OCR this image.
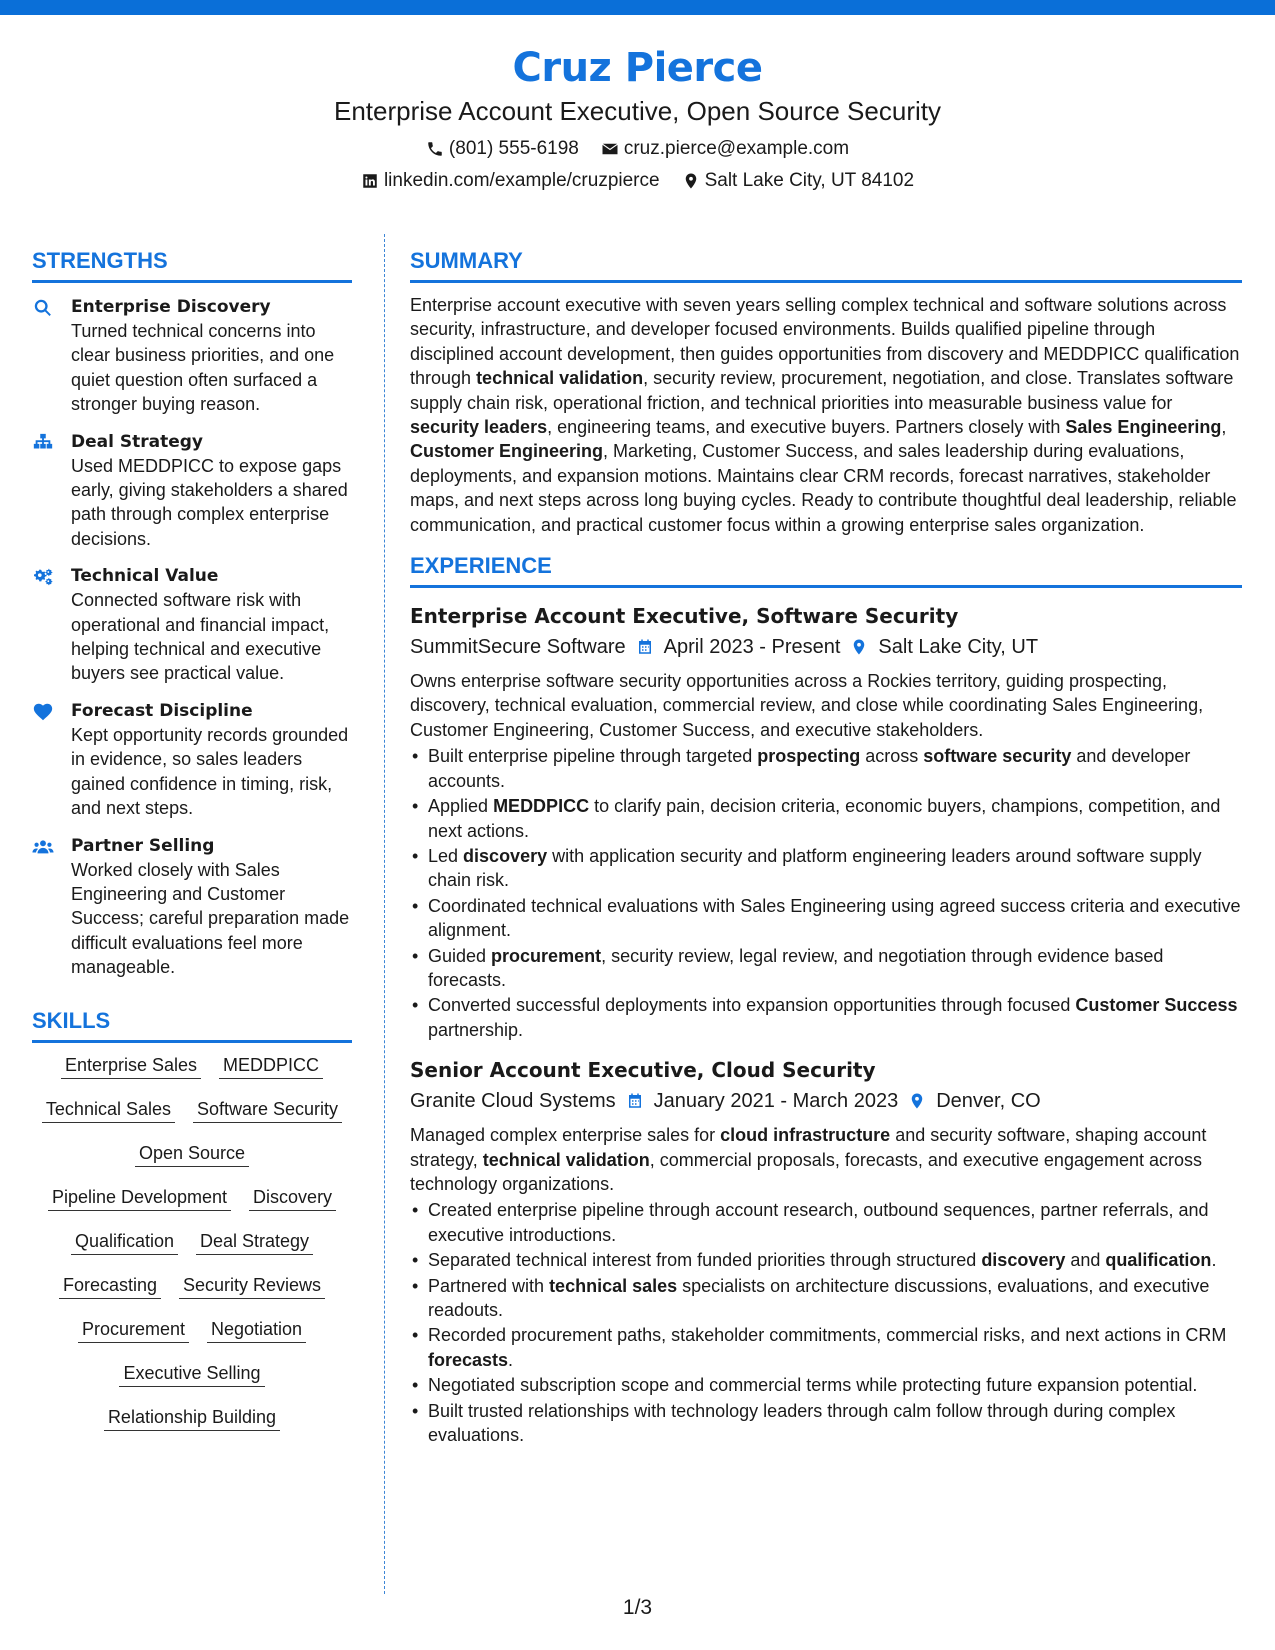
Cruz Pierce
Enterprise Account Executive, Open Source Security
(801) 555-6198 cruz.pierce@example.com
linkedin.com/example/cruzpierce Salt Lake City, UT 84102
STRENGTHS
Enterprise Discovery
Turned technical concerns into clear business priorities, and one quiet question often surfaced a stronger buying reason.
Deal Strategy
Used MEDDPICC to expose gaps early, giving stakeholders a shared path through complex enterprise decisions.
Technical Value
Connected software risk with operational and financial impact, helping technical and executive buyers see practical value.
Forecast Discipline
Kept opportunity records grounded in evidence, so sales leaders gained confidence in timing, risk, and next steps.
Partner Selling
Worked closely with Sales Engineering and Customer Success; careful preparation made difficult evaluations feel more manageable.
SKILLS
Enterprise Sales MEDDPICC
Technical Sales Software Security
Open Source
Pipeline Development Discovery
Qualification Deal Strategy
Forecasting Security Reviews
Procurement Negotiation
Executive Selling
Relationship Building
SUMMARY
Enterprise account executive with seven years selling complex technical and software solutions across security, infrastructure, and developer focused environments. Builds qualified pipeline through disciplined account development, then guides opportunities from discovery and MEDDPICC qualification through technical validation, security review, procurement, negotiation, and close. Translates software supply chain risk, operational friction, and technical priorities into measurable business value for security leaders, engineering teams, and executive buyers. Partners closely with Sales Engineering, Customer Engineering, Marketing, Customer Success, and sales leadership during evaluations, deployments, and expansion motions. Maintains clear CRM records, forecast narratives, stakeholder maps, and next steps across long buying cycles. Ready to contribute thoughtful deal leadership, reliable communication, and practical customer focus within a growing enterprise sales organization.
EXPERIENCE
Enterprise Account Executive, Software Security
SummitSecure Software April 2023 - Present Salt Lake City, UT
Owns enterprise software security opportunities across a Rockies territory, guiding prospecting, discovery, technical evaluation, commercial review, and close while coordinating Sales Engineering, Customer Engineering, Customer Success, and executive stakeholders.
• Built enterprise pipeline through targeted prospecting across software security and developer accounts.
• Applied MEDDPICC to clarify pain, decision criteria, economic buyers, champions, competition, and next actions.
• Led discovery with application security and platform engineering leaders around software supply chain risk.
• Coordinated technical evaluations with Sales Engineering using agreed success criteria and executive alignment.
• Guided procurement, security review, legal review, and negotiation through evidence based forecasts.
• Converted successful deployments into expansion opportunities through focused Customer Success partnership.
Senior Account Executive, Cloud Security
Granite Cloud Systems January 2021 - March 2023 Denver, CO
Managed complex enterprise sales for cloud infrastructure and security software, shaping account strategy, technical validation, commercial proposals, forecasts, and executive engagement across technology organizations.
• Created enterprise pipeline through account research, outbound sequences, partner referrals, and executive introductions.
• Separated technical interest from funded priorities through structured discovery and qualification.
• Partnered with technical sales specialists on architecture discussions, evaluations, and executive readouts.
• Recorded procurement paths, stakeholder commitments, commercial risks, and next actions in CRM forecasts.
• Negotiated subscription scope and commercial terms while protecting future expansion potential.
• Built trusted relationships with technology leaders through calm follow through during complex evaluations.
1/3
